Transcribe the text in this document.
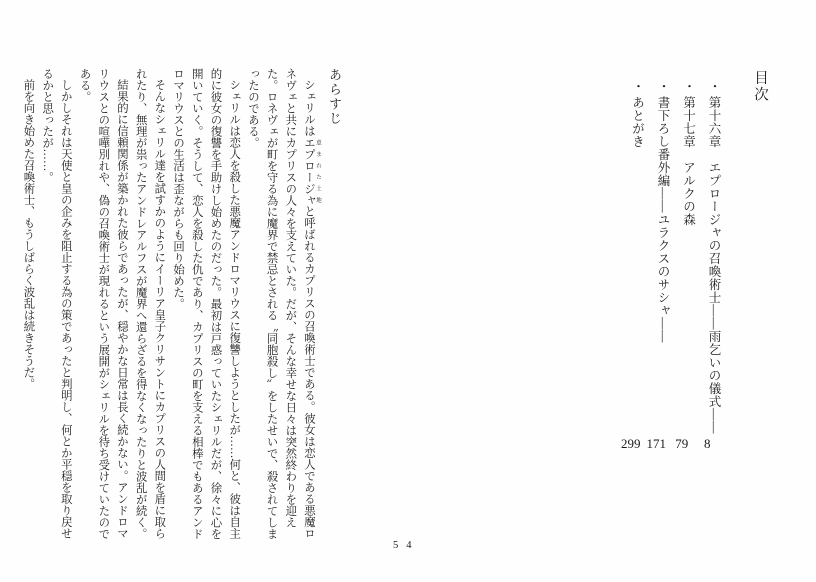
目次
・第十六章　エプロージャの召喚術士——雨乞いの儀式——
・第十七章　アルクの森
・書下ろし番外編——ユラクスのサシャ——
・あとがき
299 171 79	8
あらすじ

シェリルはエプロージャ 恵まれた土地と呼ばれるカプリスの召喚術士である。彼女は恋人である悪魔ロネヴェと共にカプリスの人々を支えていた。だが、そんな幸せな日々は突然終わりを迎えた。ロネヴェが町を守る為に魔界で禁忌とされる〝同胞殺し〟をしたせいで、殺されてしまったのである。

シェリルは恋人を殺した悪魔アンドロマリウスに復讐しようとしたが……何と、彼は自主的に彼女の復讐を手助けし始めたのだった。最初は戸惑っていたシェリルだが、徐々に心を開いていく。そうして、恋人を殺した仇であり、カプリスの町を支える相棒でもあるアンドロマリウスとの生活は歪ながらも回り始めた。

そんなシェリル達を試すかのようにイーリア皇子クリサントにカプリスの人間を盾に取られたり、無理が祟ったアンドレアルフスが魔界へ還らざるを得なくなったりと波乱が続く。

結果的に信頼関係が築かれた彼らであったが、穏やかな日常は長く続かない。アンドロマリウスとの喧嘩別れや、偽の召喚術士が現れるという展開がシェリルを待ち受けていたのである。

しかしそれは天使と皇の企みを阻止する為の策であったと判明し、何とか平穏を取り戻せるかと思ったが……。

前を向き始めた召喚術士、もうしばらく波乱は続きそうだ。

5 4
